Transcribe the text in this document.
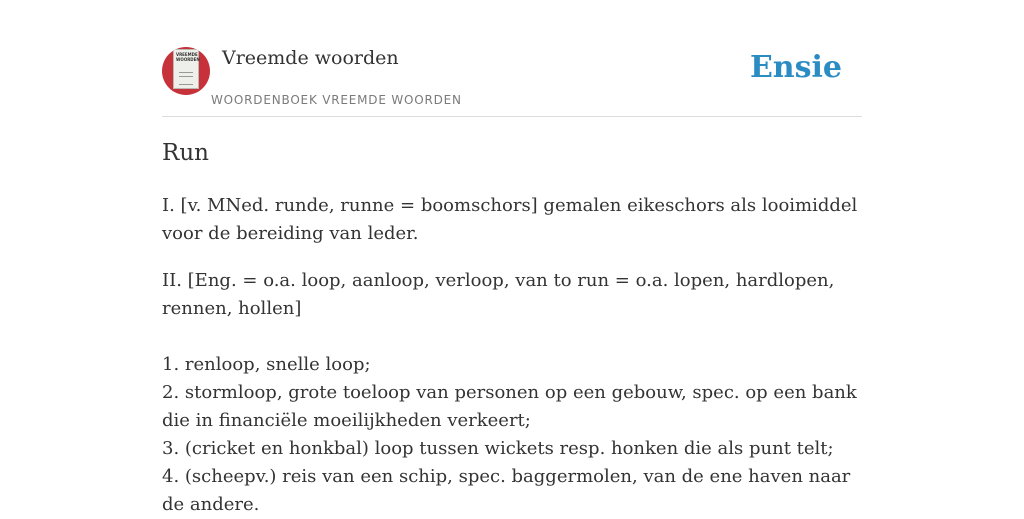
VREEMDE WOORDEN Vreemde woorden
WOORDENBOEK VREEMDE WOORDEN
Ensie
Run

I. [v. MNed. runde, runne = boomschors] gemalen eikeschors als looimiddel voor de bereiding van leder.

II. [Eng. = o.a. loop, aanloop, verloop, van to run = o.a. lopen, hardlopen, rennen, hollen]

1. renloop, snelle loop;
2. stormloop, grote toeloop van personen op een gebouw, spec. op een bank die in financiële moeilijkheden verkeert;
3. (cricket en honkbal) loop tussen wickets resp. honken die als punt telt;
4. (scheepv.) reis van een schip, spec. baggermolen, van de ene haven naar de andere.
